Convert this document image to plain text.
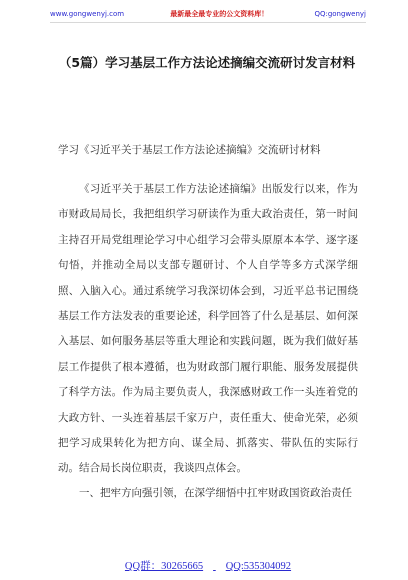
www.gongwenyj.com	最新最全最专业的公文资料库！	QQ:gongwenyj
（5篇）学习基层工作方法论述摘编交流研讨发言材料

学习《习近平关于基层工作方法论述摘编》交流研讨材料

《习近平关于基层工作方法论述摘编》出版发行以来，作为市财政局局长，我把组织学习研读作为重大政治责任，第一时间主持召开局党组理论学习中心组学习会带头原原本本学、逐字逐句悟，并推动全局以支部专题研讨、个人自学等多方式深学细照、入脑入心。通过系统学习我深切体会到，习近平总书记围绕基层工作方法发表的重要论述，科学回答了什么是基层、如何深入基层、如何服务基层等重大理论和实践问题，既为我们做好基层工作提供了根本遵循，也为财政部门履行职能、服务发展提供了科学方法。作为局主要负责人，我深感财政工作一头连着党的大政方针、一头连着基层千家万户，责任重大、使命光荣，必须把学习成果转化为把方向、谋全局、抓落实、带队伍的实际行动。结合局长岗位职责，我谈四点体会。

一、把牢方向强引领，在深学细悟中扛牢财政国资政治责任

QQ群：30265665 QQ:535304092
